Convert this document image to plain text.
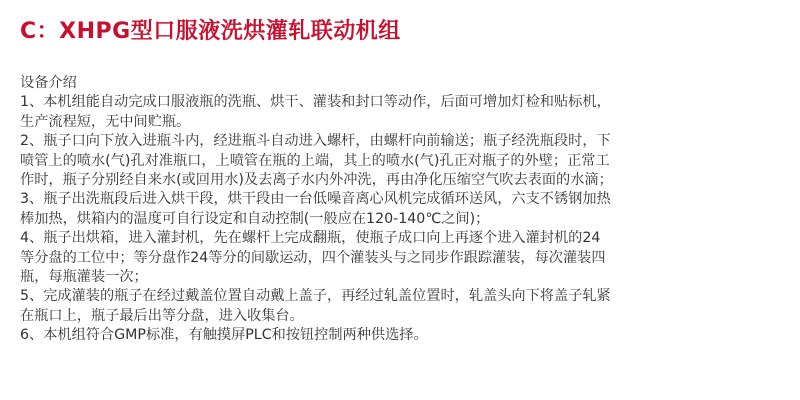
C：XHPG型口服液洗烘灌轧联动机组
设备介绍
1、本机组能自动完成口服液瓶的洗瓶、烘干、灌装和封口等动作，后面可增加灯检和贴标机，
生产流程短，无中间贮瓶。
2、瓶子口向下放入进瓶斗内，经进瓶斗自动进入螺杆，由螺杆向前输送；瓶子经洗瓶段时，下
喷管上的喷水(气)孔对准瓶口，上喷管在瓶的上端，其上的喷水(气)孔正对瓶子的外壁；正常工
作时，瓶子分别经自来水(或回用水)及去离子水内外冲洗，再由净化压缩空气吹去表面的水滴；
3、瓶子出洗瓶段后进入烘干段，烘干段由一台低噪音离心风机完成循环送风，六支不锈钢加热
棒加热，烘箱内的温度可自行设定和自动控制(一般应在120-140℃之间)；
4、瓶子出烘箱，进入灌封机，先在螺杆上完成翻瓶，使瓶子成口向上再逐个进入灌封机的24
等分盘的工位中；等分盘作24等分的间歇运动，四个灌装头与之同步作跟踪灌装，每次灌装四
瓶，每瓶灌装一次；
5、完成灌装的瓶子在经过戴盖位置自动戴上盖子，再经过轧盖位置时，轧盖头向下将盖子轧紧
在瓶口上，瓶子最后出等分盘，进入收集台。
6、本机组符合GMP标准，有触摸屏PLC和按钮控制两种供选择。
